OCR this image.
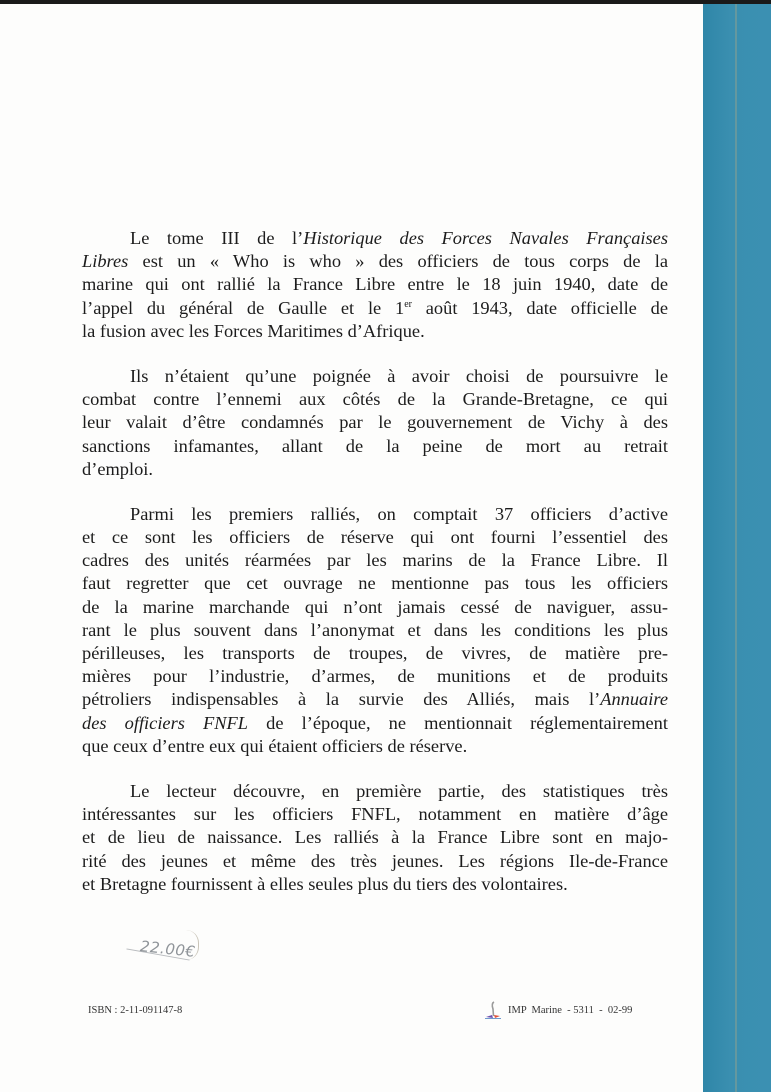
Le tome III de l’Historique des Forces Navales Françaises
Libres est un « Who is who » des officiers de tous corps de la
marine qui ont rallié la France Libre entre le 18 juin 1940, date de
l’appel du général de Gaulle et le 1er août 1943, date officielle de
la fusion avec les Forces Maritimes d’Afrique.
Ils n’étaient qu’une poignée à avoir choisi de poursuivre le
combat contre l’ennemi aux côtés de la Grande-Bretagne, ce qui
leur valait d’être condamnés par le gouvernement de Vichy à des
sanctions infamantes, allant de la peine de mort au retrait
d’emploi.
Parmi les premiers ralliés, on comptait 37 officiers d’active
et ce sont les officiers de réserve qui ont fourni l’essentiel des
cadres des unités réarmées par les marins de la France Libre. Il
faut regretter que cet ouvrage ne mentionne pas tous les officiers
de la marine marchande qui n’ont jamais cessé de naviguer, assu-
rant le plus souvent dans l’anonymat et dans les conditions les plus
périlleuses, les transports de troupes, de vivres, de matière pre-
mières pour l’industrie, d’armes, de munitions et de produits
pétroliers indispensables à la survie des Alliés, mais l’Annuaire
des officiers FNFL de l’époque, ne mentionnait réglementairement
que ceux d’entre eux qui étaient officiers de réserve.
Le lecteur découvre, en première partie, des statistiques très
intéressantes sur les officiers FNFL, notamment en matière d’âge
et de lieu de naissance. Les ralliés à la France Libre sont en majo-
rité des jeunes et même des très jeunes. Les régions Ile-de-France
et Bretagne fournissent à elles seules plus du tiers des volontaires.
22.00€
ISBN : 2-11-091147-8	IMP  Marine  - 5311  -  02-99
